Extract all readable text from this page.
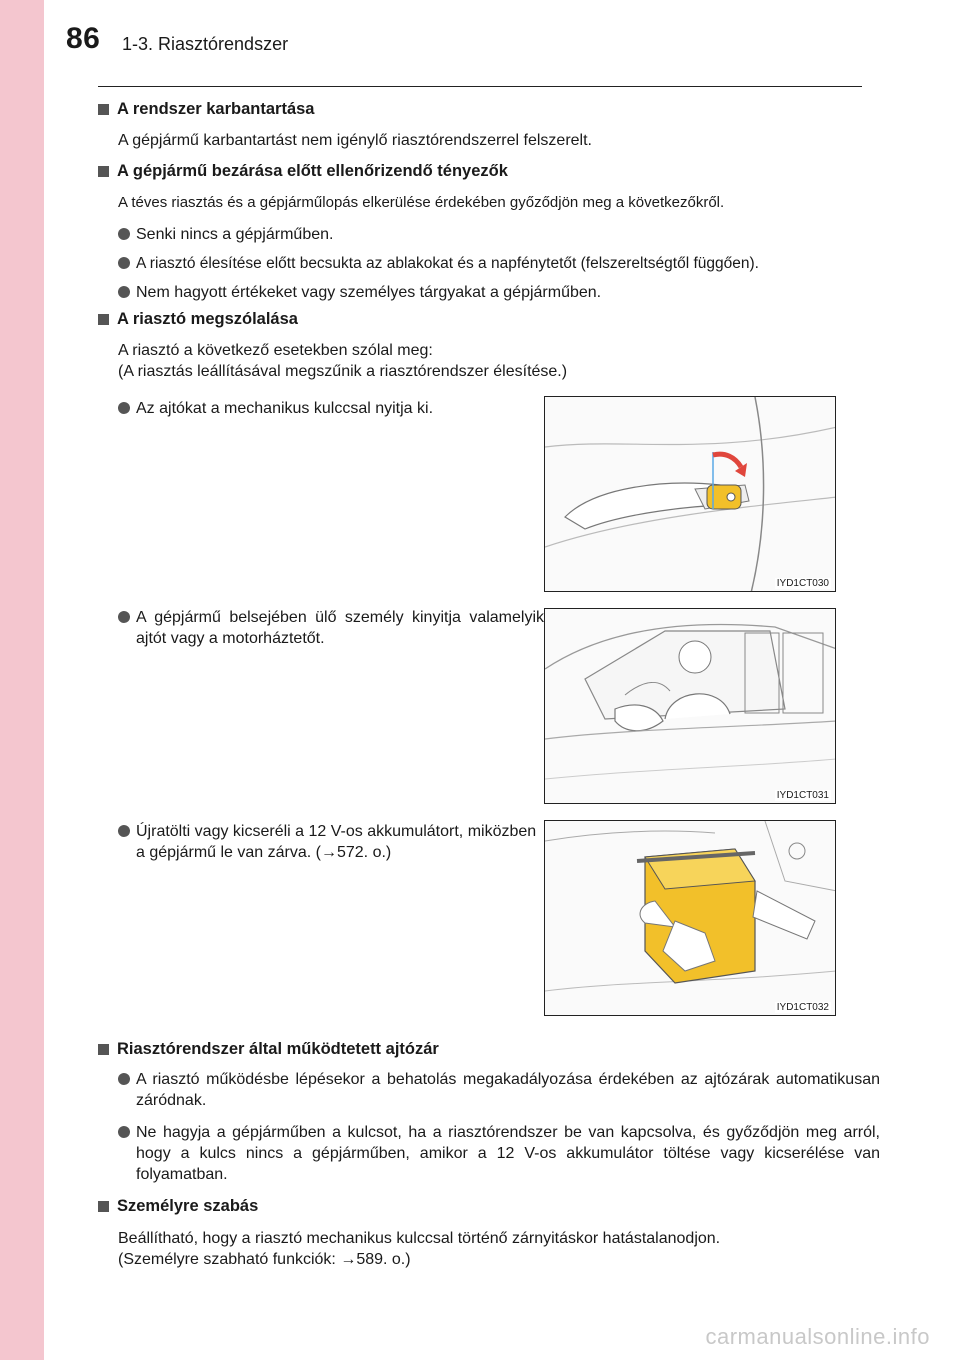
86 1-3. Riasztórendszer
A rendszer karbantartása
A gépjármű karbantartást nem igénylő riasztórendszerrel felszerelt.
A gépjármű bezárása előtt ellenőrizendő tényezők
A téves riasztás és a gépjárműlopás elkerülése érdekében győződjön meg a következőkről.
Senki nincs a gépjárműben.
A riasztó élesítése előtt becsukta az ablakokat és a napfénytetőt (felszereltségtől függően).
Nem hagyott értékeket vagy személyes tárgyakat a gépjárműben.
A riasztó megszólalása
A riasztó a következő esetekben szólal meg:
(A riasztás leállításával megszűnik a riasztórendszer élesítése.)
Az ajtókat a mechanikus kulccsal nyitja ki.
A gépjármű belsejében ülő személy kinyitja valamelyik ajtót vagy a motorháztetőt.
Újratölti vagy kicseréli a 12 V-os akkumulátort, miközben a gépjármű le van zárva. (→572. o.)
Riasztórendszer által működtetett ajtózár
A riasztó működésbe lépésekor a behatolás megakadályozása érdekében az ajtózárak automatikusan záródnak.
Ne hagyja a gépjárműben a kulcsot, ha a riasztórendszer be van kapcsolva, és győződjön meg arról, hogy a kulcs nincs a gépjárműben, amikor a 12 V-os akkumulátor töltése vagy kicserélése van folyamatban.
Személyre szabás
Beállítható, hogy a riasztó mechanikus kulccsal történő zárnyitáskor hatástalanodjon.
(Személyre szabható funkciók: →589. o.)
IYD1CT030
IYD1CT031
IYD1CT032
carmanualsonline.info
